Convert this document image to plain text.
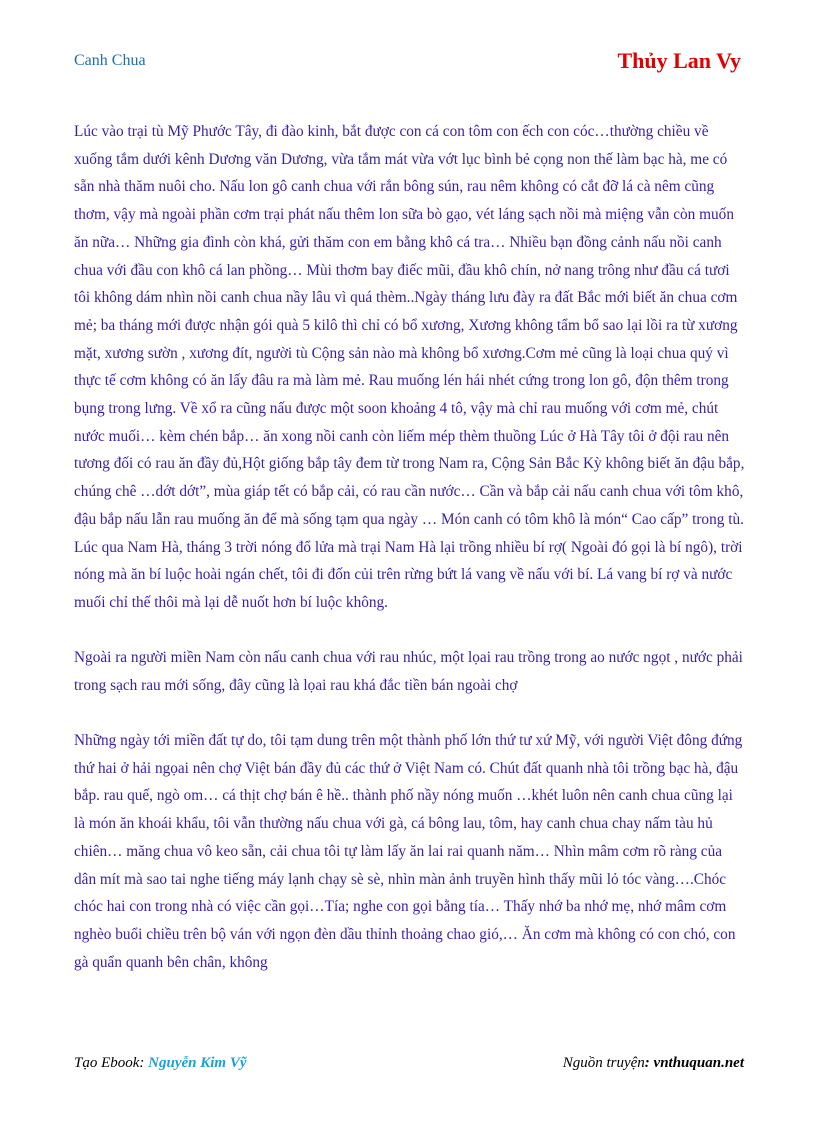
Canh Chua	Thủy Lan Vy

Lúc vào trại tù Mỹ Phước Tây, đi đào kinh, bắt được con cá con tôm con ếch con cóc…thường chiều về xuống tắm dưới kênh Dương văn Dương, vừa tắm mát vừa vớt lục bình bẻ cọng non thế làm bạc hà, me có sẵn nhà thăm nuôi cho. Nấu lon gô canh chua với rắn bông sún, rau nêm không có cắt đỡ lá cà nêm cũng thơm, vậy mà ngoài phần cơm trại phát nấu thêm lon sữa bò gạo, vét láng sạch nồi mà miệng vẫn còn muốn ăn nữa… Những gia đình còn khá, gửi thăm con em bằng khô cá tra… Nhiều bạn đồng cảnh nấu nồi canh chua với đầu con khô cá lan phồng… Mùi thơm bay điếc mũi, đầu khô chín, nở nang trông như đầu cá tươi tôi không dám nhìn nồi canh chua nầy lâu vì quá thèm..Ngày tháng lưu đày ra đất Bắc mới biết ăn chua cơm mẻ; ba tháng mới được nhận gói quà 5 kilô thì chỉ có bổ xương, Xương không tẩm bổ sao lại lồi ra từ xương mặt, xương sườn , xương đít, người tù Cộng sản nào mà không bổ xương.Cơm mẻ cũng là loại chua quý vì thực tế cơm không có ăn lấy đâu ra mà làm mẻ. Rau muống lén hái nhét cứng trong lon gô, độn thêm trong bụng trong lưng. Về xổ ra cũng nấu được một soon khoảng 4 tô, vậy mà chỉ rau muống với cơm mẻ, chút nước muối… kèm chén bắp… ăn xong nồi canh còn liếm mép thèm thuồng Lúc ở Hà Tây tôi ở đội rau nên tương đối có rau ăn đầy đủ,Hột giống bắp tây đem từ trong Nam ra, Cộng Sản Bắc Kỳ không biết ăn đậu bắp, chúng chê …dớt dớt”, mùa giáp tết có bắp cải, có rau cần nước… Cần và bắp cải nấu canh chua với tôm khô, đậu bắp nấu lẫn rau muống ăn để mà sống tạm qua ngày … Món canh có tôm khô là món“ Cao cấp” trong tù. Lúc qua Nam Hà, tháng 3 trời nóng đổ lửa mà trại Nam Hà lại trồng nhiều bí rợ( Ngoài đó gọi là bí ngô), trời nóng mà ăn bí luộc hoài ngán chết, tôi đi đốn củi trên rừng bứt lá vang về nấu với bí. Lá vang bí rợ và nước muối chỉ thế thôi mà lại dễ nuốt hơn bí luộc không.

Ngoài ra người miền Nam còn nấu canh chua với rau nhúc, một lọai rau trồng trong ao nước ngọt , nước phải trong sạch rau mới sống, đây cũng là lọai rau khá đắc tiền bán ngoài chợ

Những ngày tới miền đất tự do, tôi tạm dung trên một thành phố lớn thứ tư xứ Mỹ, với người Việt đông đứng thứ hai ở hải ngọai nên chợ Việt bán đầy đủ các thứ ở Việt Nam có. Chút đất quanh nhà tôi trồng bạc hà, đậu bắp. rau quế, ngò om… cá thịt chợ bán ê hề.. thành phố nầy nóng muốn …khét luôn nên canh chua cũng lại là món ăn khoái khẩu, tôi vẫn thường nấu chua với gà, cá bông lau, tôm, hay canh chua chay nấm tàu hủ chiên… măng chua vô keo sẵn, cải chua tôi tự làm lấy ăn lai rai quanh năm… Nhìn mâm cơm rõ ràng của dân mít mà sao tai nghe tiếng máy lạnh chạy sè sè, nhìn màn ảnh truyền hình thấy mũi lỏ tóc vàng….Chóc chóc hai con trong nhà có việc cần gọi…Tía; nghe con gọi bằng tía… Thấy nhớ ba nhớ mẹ, nhớ mâm cơm nghèo buổi chiều trên bộ ván với ngọn đèn dầu thỉnh thoảng chao gió,… Ăn cơm mà không có con chó, con gà quẩn quanh bên chân, không

Tạo Ebook: Nguyễn Kim Vỹ	Nguồn truyện: vnthuquan.net
